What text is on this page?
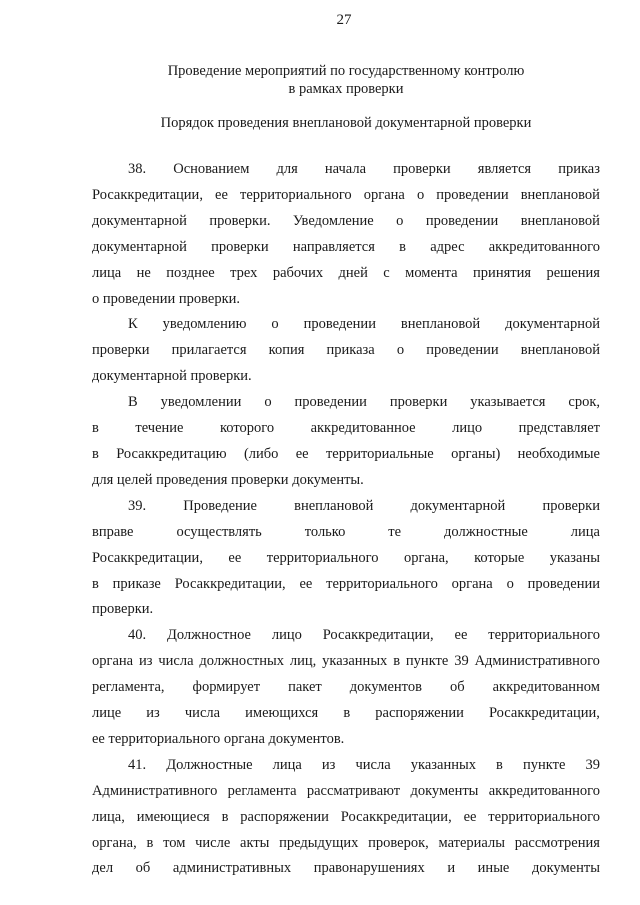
27
Проведение мероприятий по государственному контролю
в рамках проверки
Порядок проведения внеплановой документарной проверки

38. Основанием для начала проверки является приказ
Росаккредитации, ее территориального органа о проведении внеплановой
документарной проверки. Уведомление о проведении внеплановой
документарной проверки направляется в адрес аккредитованного
лица не позднее трех рабочих дней с момента принятия решения
о проведении проверки.

К уведомлению о проведении внеплановой документарной
проверки прилагается копия приказа о проведении внеплановой
документарной проверки.

В уведомлении о проведении проверки указывается срок,
в	течение	которого	аккредитованное	лицо	представляет
в Росаккредитацию (либо ее территориальные органы) необходимые
для целей проведения проверки документы.

39.	Проведение	внеплановой	документарной	проверки
вправе	осуществлять	только	те	должностные	лица
Росаккредитации, ее территориального органа, которые указаны
в приказе Росаккредитации, ее территориального органа о проведении
проверки.

40. Должностное лицо Росаккредитации, ее территориального
органа из числа должностных лиц, указанных в пункте 39 Административного
регламента, формирует пакет документов об аккредитованном
лице из числа имеющихся в распоряжении Росаккредитации,
ее территориального органа документов.

41. Должностные лица из числа указанных в пункте 39
Административного регламента рассматривают документы аккредитованного
лица, имеющиеся в распоряжении Росаккредитации, ее территориального
органа, в том числе акты предыдущих проверок, материалы рассмотрения
дел об административных правонарушениях и иные документы
